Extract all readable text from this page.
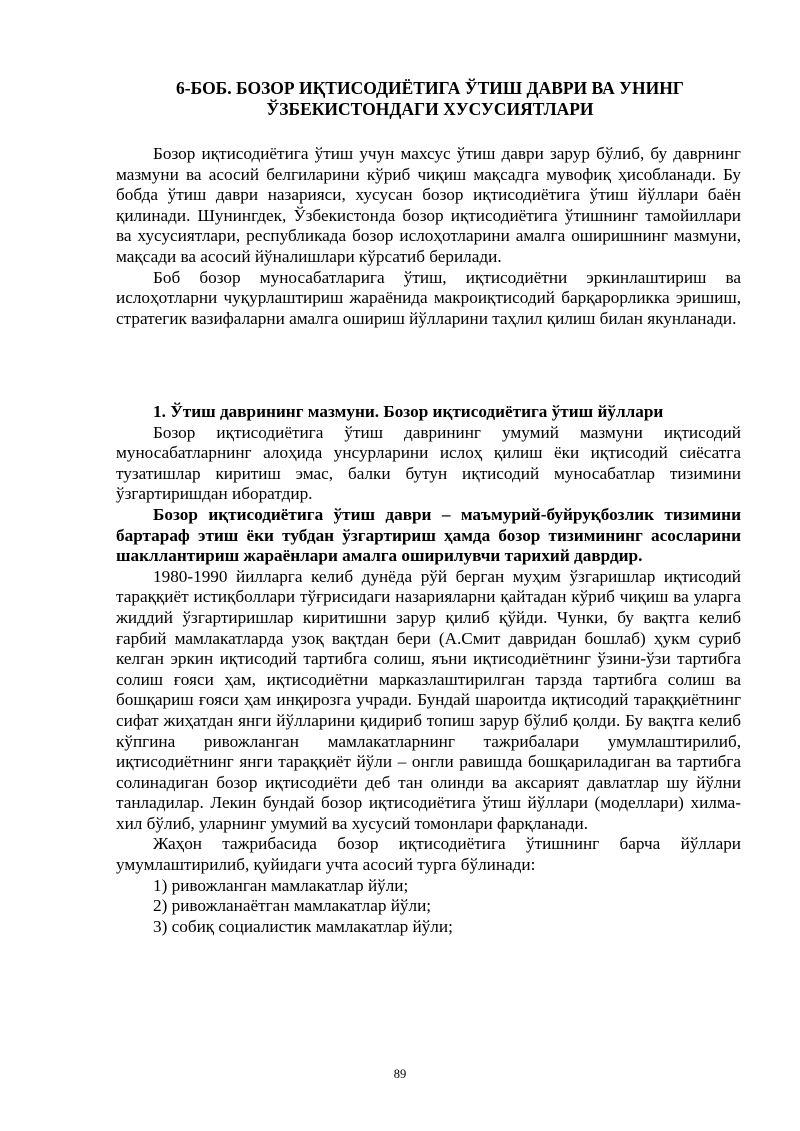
6-БОБ. БОЗОР ИҚТИСОДИЁТИГА ЎТИШ ДАВРИ ВА УНИНГ
ЎЗБЕКИСТОНДАГИ ХУСУСИЯТЛАРИ

Бозор иқтисодиётига ўтиш учун махсус ўтиш даври зарур бўлиб, бу даврнинг мазмуни ва асосий белгиларини кўриб чиқиш мақсадга мувофиқ ҳисобланади. Бу бобда ўтиш даври назарияси, хусусан бозор иқтисодиётига ўтиш йўллари баён қилинади. Шунингдек, Ўзбекистонда бозор иқтисодиётига ўтишнинг тамойиллари ва хусусиятлари, республикада бозор ислоҳотларини амалга оширишнинг мазмуни, мақсади ва асосий йўналишлари кўрсатиб берилади.

Боб бозор муносабатларига ўтиш, иқтисодиётни эркинлаштириш ва ислоҳотларни чуқурлаштириш жараёнида макроиқтисодий барқарорликка эришиш, стратегик вазифаларни амалга ошириш йўлларини таҳлил қилиш билан якунланади.

1. Ўтиш даврининг мазмуни. Бозор иқтисодиётига ўтиш йўллари

Бозор иқтисодиётига ўтиш даврининг умумий мазмуни иқтисодий муносабатларнинг алоҳида унсурларини ислоҳ қилиш ёки иқтисодий сиёсатга тузатишлар киритиш эмас, балки бутун иқтисодий муносабатлар тизимини ўзгартиришдан иборатдир.

Бозор иқтисодиётига ўтиш даври – маъмурий-буйруқбозлик тизимини бартараф этиш ёки тубдан ўзгартириш ҳамда бозор тизимининг асосларини шакллантириш жараёнлари амалга оширилувчи тарихий даврдир.

1980-1990 йилларга келиб дунёда рўй берган муҳим ўзгаришлар иқтисодий тараққиёт истиқболлари тўғрисидаги назарияларни қайтадан кўриб чиқиш ва уларга жиддий ўзгартиришлар киритишни зарур қилиб қўйди. Чунки, бу вақтга келиб ғарбий мамлакатларда узоқ вақтдан бери (А.Смит давридан бошлаб) ҳукм суриб келган эркин иқтисодий тартибга солиш, яъни иқтисодиётнинг ўзини-ўзи тартибга солиш ғояси ҳам, иқтисодиётни марказлаштирилган тарзда тартибга солиш ва бошқариш ғояси ҳам инқирозга учради. Бундай шароитда иқтисодий тараққиётнинг сифат жиҳатдан янги йўлларини қидириб топиш зарур бўлиб қолди. Бу вақтга келиб кўпгина ривожланган мамлакатларнинг тажрибалари умумлаштирилиб, иқтисодиётнинг янги тараққиёт йўли – онгли равишда бошқариладиган ва тартибга солинадиган бозор иқтисодиёти деб тан олинди ва аксарият давлатлар шу йўлни танладилар. Лекин бундай бозор иқтисодиётига ўтиш йўллари (моделлари) хилма-хил бўлиб, уларнинг умумий ва хусусий томонлари фарқланади.

Жаҳон тажрибасида бозор иқтисодиётига ўтишнинг барча йўллари умумлаштирилиб, қуйидаги учта асосий турга бўлинади:

1) ривожланган мамлакатлар йўли;

2) ривожланаётган мамлакатлар йўли;

3) собиқ социалистик мамлакатлар йўли;

89
